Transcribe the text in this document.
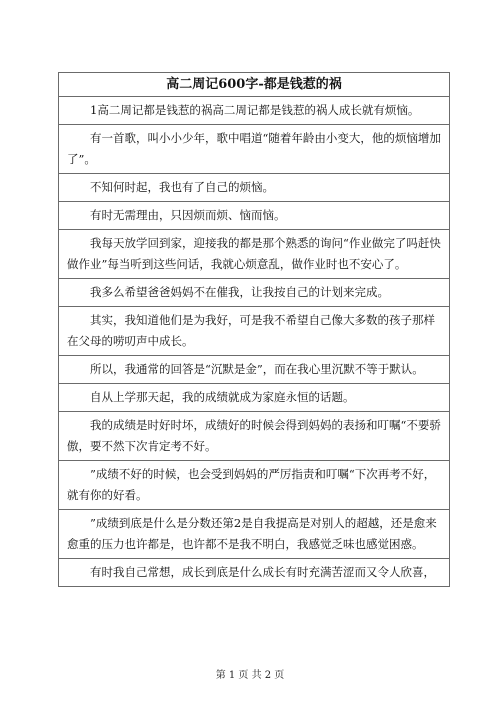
高二周记600字-都是钱惹的祸
1高二周记都是钱惹的祸高二周记都是钱惹的祸人成长就有烦恼。
有一首歌，叫小小少年，歌中唱道“随着年龄由小变大，他的烦恼增加了”。
不知何时起，我也有了自己的烦恼。
有时无需理由，只因烦而烦、恼而恼。
我每天放学回到家，迎接我的都是那个熟悉的询问“作业做完了吗赶快做作业”每当听到这些问话，我就心烦意乱，做作业时也不安心了。
我多么希望爸爸妈妈不在催我，让我按自己的计划来完成。
其实，我知道他们是为我好，可是我不希望自己像大多数的孩子那样在父母的唠叨声中成长。
所以，我通常的回答是“沉默是金”，而在我心里沉默不等于默认。
自从上学那天起，我的成绩就成为家庭永恒的话题。
我的成绩是时好时坏，成绩好的时候会得到妈妈的表扬和叮嘱“不要骄傲，要不然下次肯定考不好。
”成绩不好的时候，也会受到妈妈的严厉指责和叮嘱“下次再考不好，就有你的好看。
”成绩到底是什么是分数还第2是自我提高是对别人的超越，还是愈来愈重的压力也许都是，也许都不是我不明白，我感觉乏味也感觉困惑。
有时我自己常想，成长到底是什么成长有时充满苦涩而又令人欣喜，
第 1 页 共 2 页
